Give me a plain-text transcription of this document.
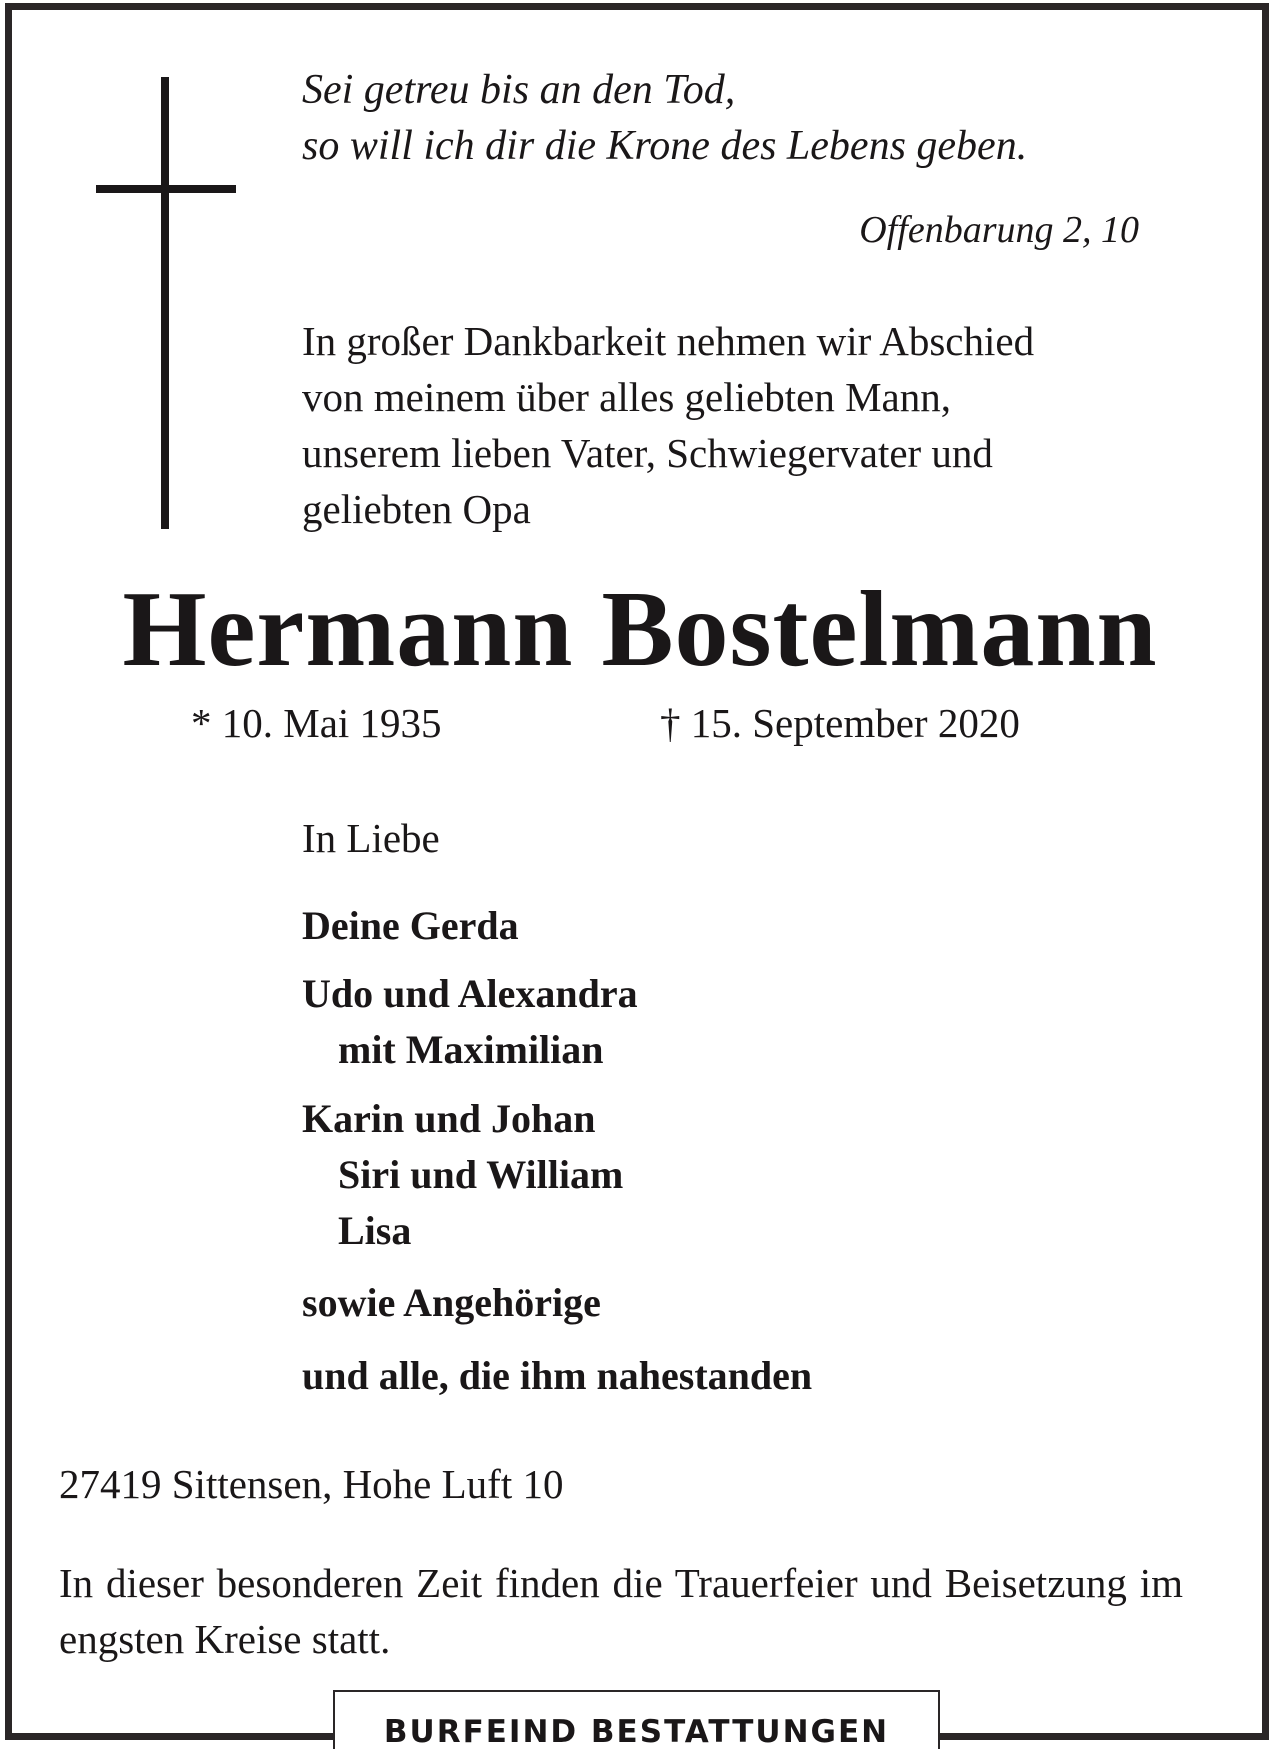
Sei getreu bis an den Tod,
so will ich dir die Krone des Lebens geben.
Offenbarung 2, 10
In großer Dankbarkeit nehmen wir Abschied
von meinem über alles geliebten Mann,
unserem lieben Vater, Schwiegervater und
geliebten Opa
Hermann Bostelmann
* 10. Mai 1935	† 15. September 2020
In Liebe
Deine Gerda
Udo und Alexandra
mit Maximilian
Karin und Johan
Siri und William
Lisa
sowie Angehörige
und alle, die ihm nahestanden
27419 Sittensen, Hohe Luft 10
In dieser besonderen Zeit finden die Trauerfeier und Beisetzung im engsten Kreise statt.
BURFEIND BESTATTUNGEN
